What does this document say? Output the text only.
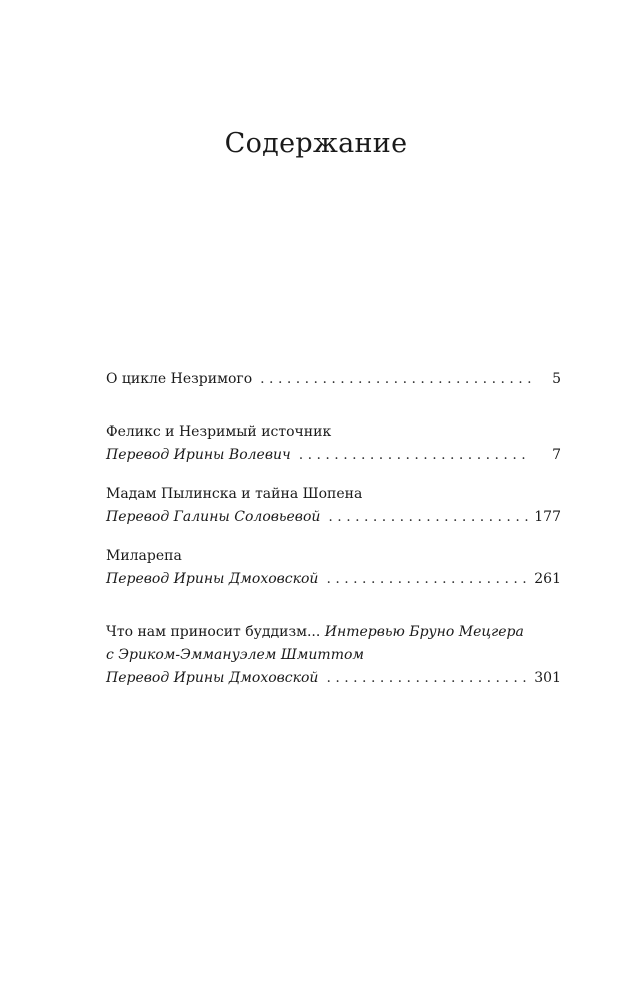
Содержание
О цикле Незримого . . .	5
Феликс и Незримый источник
Перевод Ирины Волевич . . .	7
Мадам Пылинска и тайна Шопена
Перевод Галины Соловьевой . . .	177
Миларепа
Перевод Ирины Дмоховской . . .	261
Что нам приносит буддизм... Интервью Бруно Мецгера
с Эриком-Эммануэлем Шмиттом
Перевод Ирины Дмоховской . . .	301
